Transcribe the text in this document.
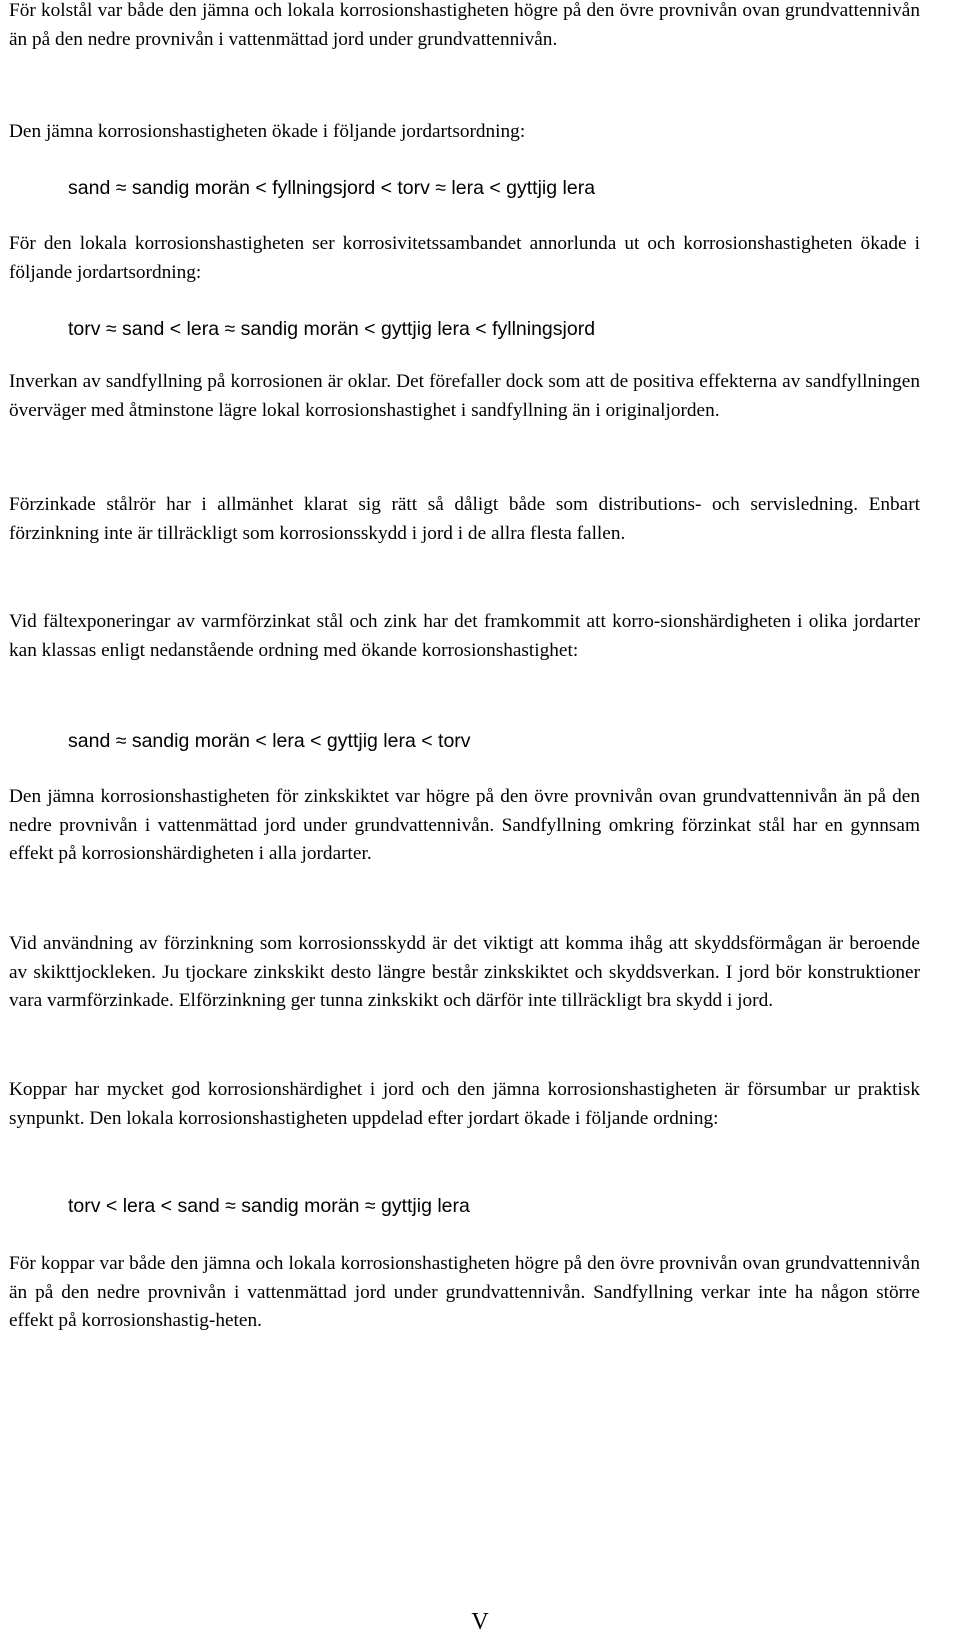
För kolstål var både den jämna och lokala korrosionshastigheten högre på den övre provnivån ovan grundvattennivån än på den nedre provnivån i vattenmättad jord under grundvattennivån.

Den jämna korrosionshastigheten ökade i följande jordartsordning:

sand ≈ sandig morän < fyllningsjord < torv ≈ lera < gyttjig lera

För den lokala korrosionshastigheten ser korrosivitetssambandet annorlunda ut och korrosionshastigheten ökade i följande jordartsordning:

torv ≈ sand < lera ≈ sandig morän < gyttjig lera < fyllningsjord

Inverkan av sandfyllning på korrosionen är oklar. Det förefaller dock som att de positiva effekterna av sandfyllningen överväger med åtminstone lägre lokal korrosionshastighet i sandfyllning än i originaljorden.

Förzinkade stålrör har i allmänhet klarat sig rätt så dåligt både som distributions- och servisledning. Enbart förzinkning inte är tillräckligt som korrosionsskydd i jord i de allra flesta fallen.

Vid fältexponeringar av varmförzinkat stål och zink har det framkommit att korro-sionshärdigheten i olika jordarter kan klassas enligt nedanstående ordning med ökande korrosionshastighet:

sand ≈ sandig morän < lera < gyttjig lera < torv

Den jämna korrosionshastigheten för zinkskiktet var högre på den övre provnivån ovan grundvattennivån än på den nedre provnivån i vattenmättad jord under grundvattennivån. Sandfyllning omkring förzinkat stål har en gynnsam effekt på korrosionshärdigheten i alla jordarter.

Vid användning av förzinkning som korrosionsskydd är det viktigt att komma ihåg att skyddsförmågan är beroende av skikttjockleken. Ju tjockare zinkskikt desto längre består zinkskiktet och skyddsverkan. I jord bör konstruktioner vara varmförzinkade. Elförzinkning ger tunna zinkskikt och därför inte tillräckligt bra skydd i jord.

Koppar har mycket god korrosionshärdighet i jord och den jämna korrosionshastigheten är försumbar ur praktisk synpunkt. Den lokala korrosionshastigheten uppdelad efter jordart ökade i följande ordning:

torv < lera < sand ≈ sandig morän ≈ gyttjig lera

För koppar var både den jämna och lokala korrosionshastigheten högre på den övre provnivån ovan grundvattennivån än på den nedre provnivån i vattenmättad jord under grundvattennivån. Sandfyllning verkar inte ha någon större effekt på korrosionshastig-heten.

V
